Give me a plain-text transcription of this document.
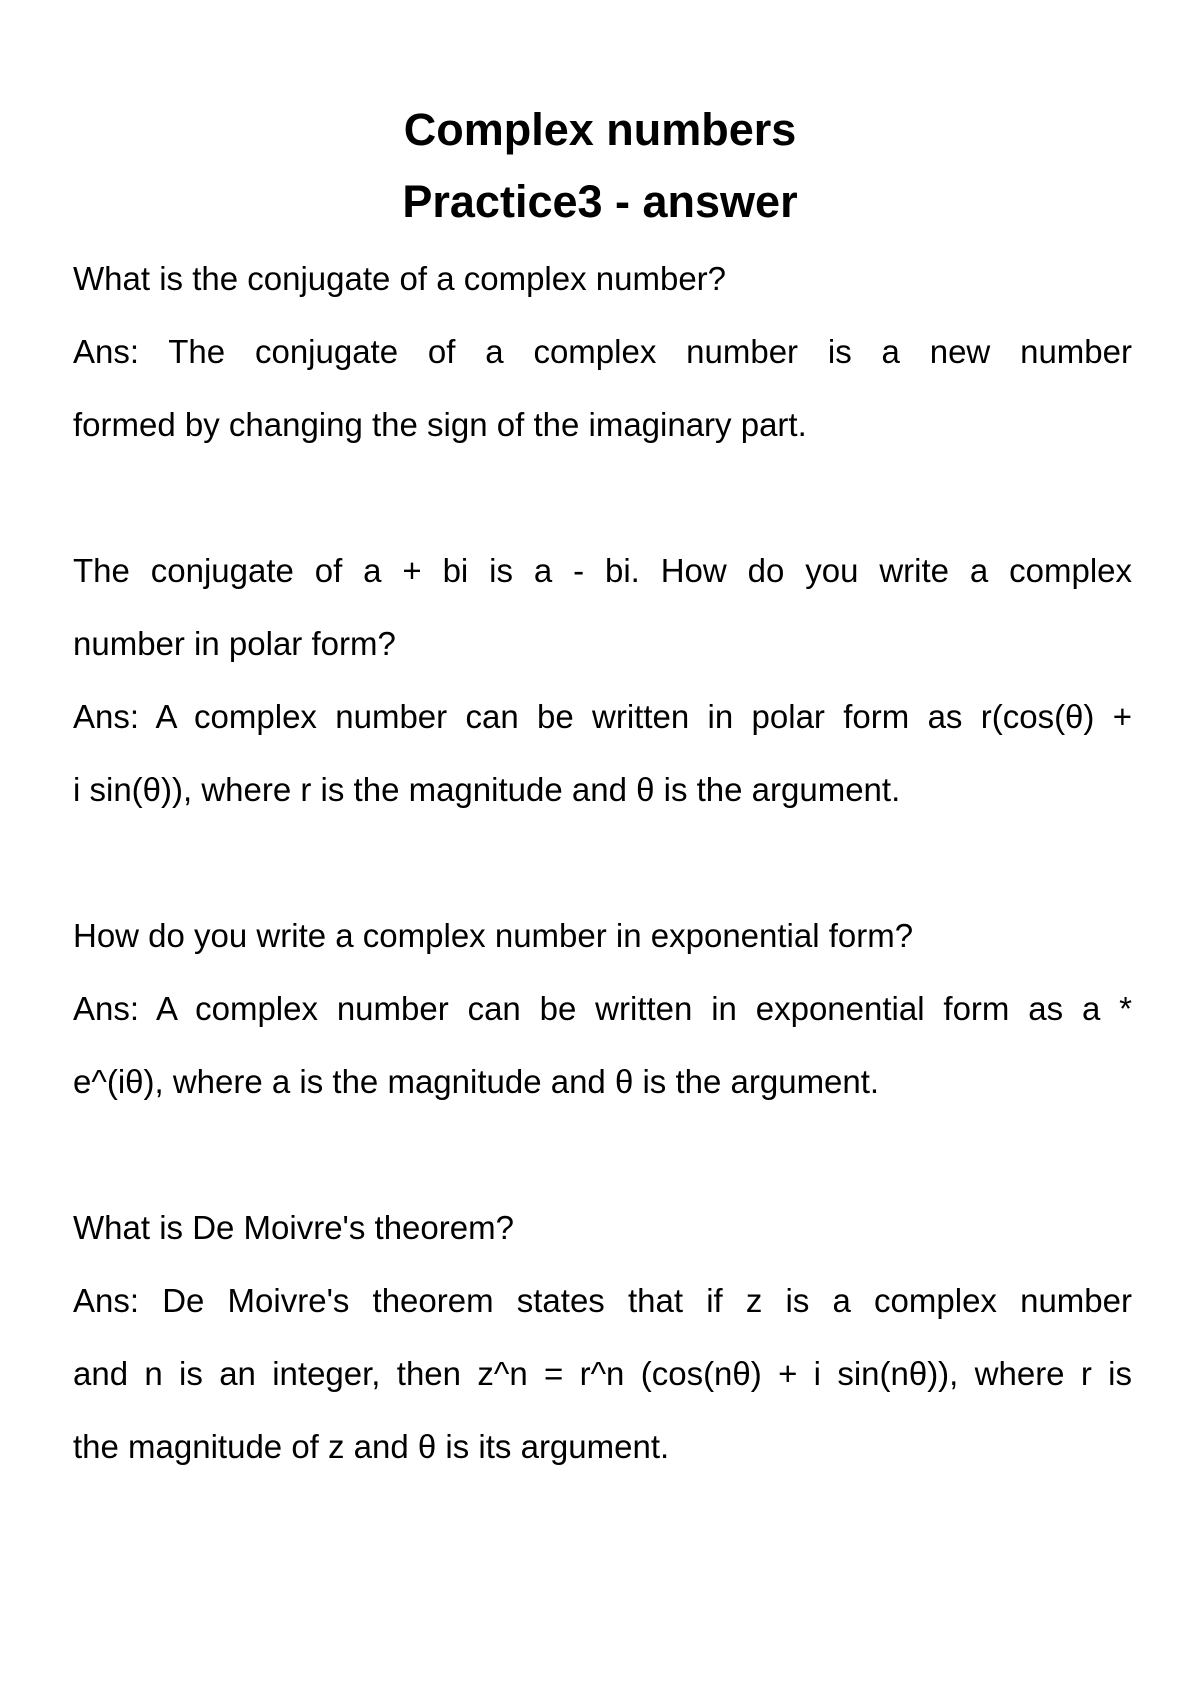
Complex numbers
Practice3 - answer
What is the conjugate of a complex number?
Ans: The conjugate of a complex number is a new number
formed by changing the sign of the imaginary part.
The conjugate of a + bi is a - bi. How do you write a complex
number in polar form?
Ans: A complex number can be written in polar form as r(cos(θ) +
i sin(θ)), where r is the magnitude and θ is the argument.
How do you write a complex number in exponential form?
Ans: A complex number can be written in exponential form as a *
e^(iθ), where a is the magnitude and θ is the argument.
What is De Moivre's theorem?
Ans: De Moivre's theorem states that if z is a complex number
and n is an integer, then z^n = r^n (cos(nθ) + i sin(nθ)), where r is
the magnitude of z and θ is its argument.
